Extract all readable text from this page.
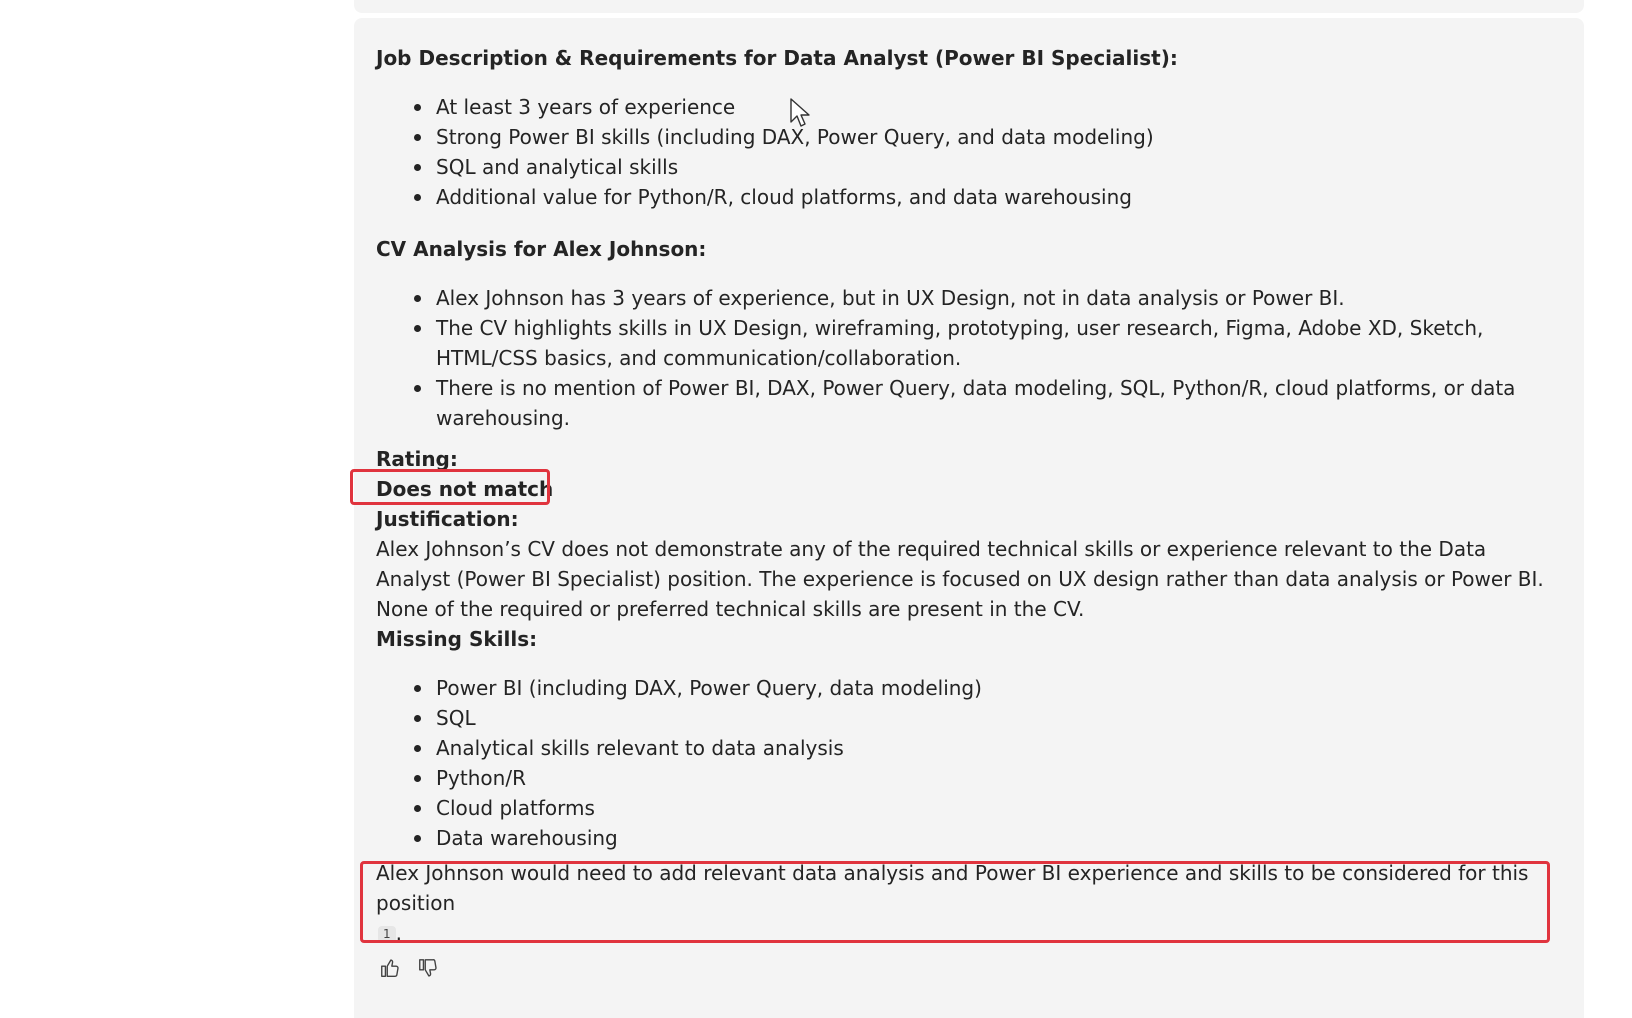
Job Description & Requirements for Data Analyst (Power BI Specialist):
At least 3 years of experience
Strong Power BI skills (including DAX, Power Query, and data modeling)
SQL and analytical skills
Additional value for Python/R, cloud platforms, and data warehousing
CV Analysis for Alex Johnson:
Alex Johnson has 3 years of experience, but in UX Design, not in data analysis or Power BI.
The CV highlights skills in UX Design, wireframing, prototyping, user research, Figma, Adobe XD, Sketch, HTML/CSS basics, and communication/collaboration.
There is no mention of Power BI, DAX, Power Query, data modeling, SQL, Python/R, cloud platforms, or data warehousing.
Rating:
Does not match
Justification:
Alex Johnson’s CV does not demonstrate any of the required technical skills or experience relevant to the Data Analyst (Power BI Specialist) position. The experience is focused on UX design rather than data analysis or Power BI. None of the required or preferred technical skills are present in the CV.
Missing Skills:
Power BI (including DAX, Power Query, data modeling)
SQL
Analytical skills relevant to data analysis
Python/R
Cloud platforms
Data warehousing
Alex Johnson would need to add relevant data analysis and Power BI experience and skills to be considered for this position
1 .
